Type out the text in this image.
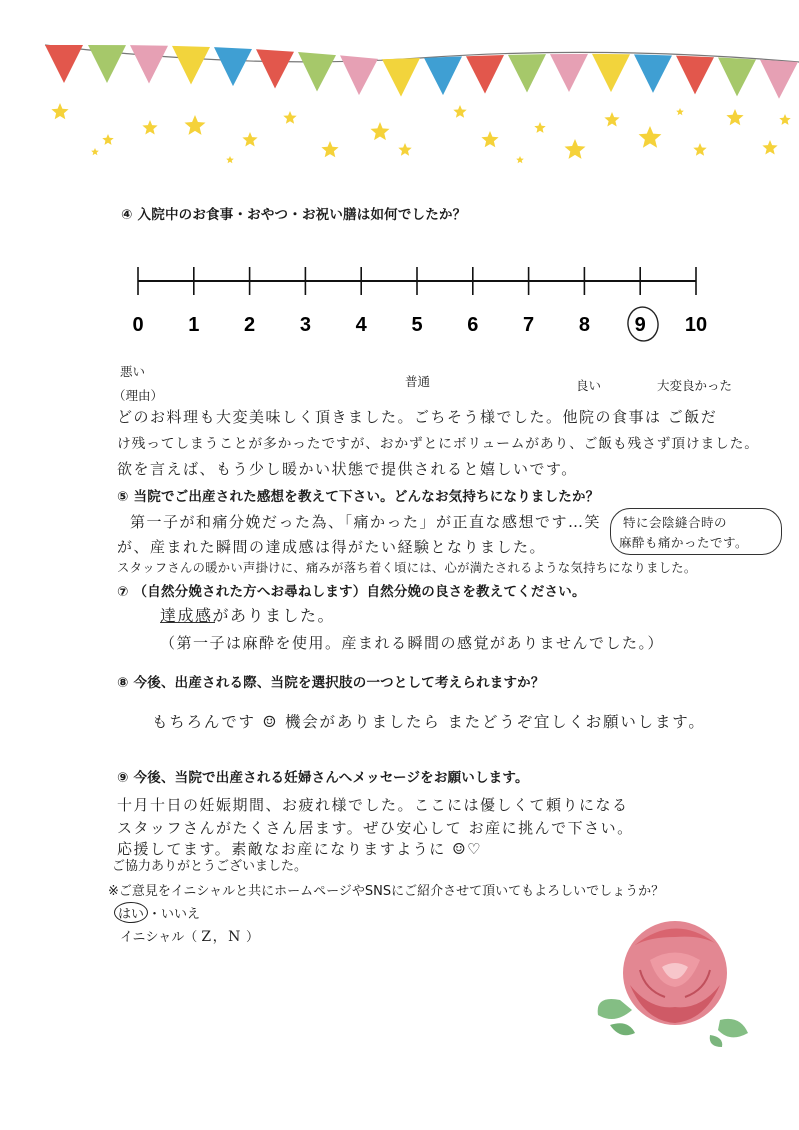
④ 入院中のお食事・おやつ・お祝い膳は如何でしたか？
0 1 2 3 4 5 6 7 8 9 10
悪い
普通	良い	大変良かった
（理由）
どのお料理も大変美味しく頂きました。ごちそう様でした。他院の食事は ご飯だ
け残ってしまうことが多かったですが、おかずとにボリュームがあり、ご飯も残さず頂けました。
欲を言えば、もう少し暖かい状態で提供されると嬉しいです。
⑤ 当院でご出産された感想を教えて下さい。どんなお気持ちになりましたか？
第一子が和痛分娩だった為、「痛かった」が正直な感想です…笑
が、産まれた瞬間の達成感は得がたい経験となりました。
スタッフさんの暖かい声掛けに、痛みが落ち着く頃には、心が満たされるような気持ちになりました。
特に会陰縫合時の
麻酔も痛かったです。
⑦ （自然分娩された方へお尋ねします）自然分娩の良さを教えてください。
達成感がありました。
（第一子は麻酔を使用。産まれる瞬間の感覚がありませんでした。）
⑧ 今後、出産される際、当院を選択肢の一つとして考えられますか？
もちろんです ☺ 機会がありましたら またどうぞ宜しくお願いします。
⑨ 今後、当院で出産される妊婦さんへメッセージをお願いします。
十月十日の妊娠期間、お疲れ様でした。ここには優しくて頼りになる
スタッフさんがたくさん居ます。ぜひ安心して お産に挑んで下さい。
応援してます。素敵なお産になりますように ☺♡
ご協力ありがとうございました。
※ご意見をイニシャルと共にホームページやSNSにご紹介させて頂いてもよろしいでしょうか？
はい ・いいえ
イニシャル（ Z，N ）
